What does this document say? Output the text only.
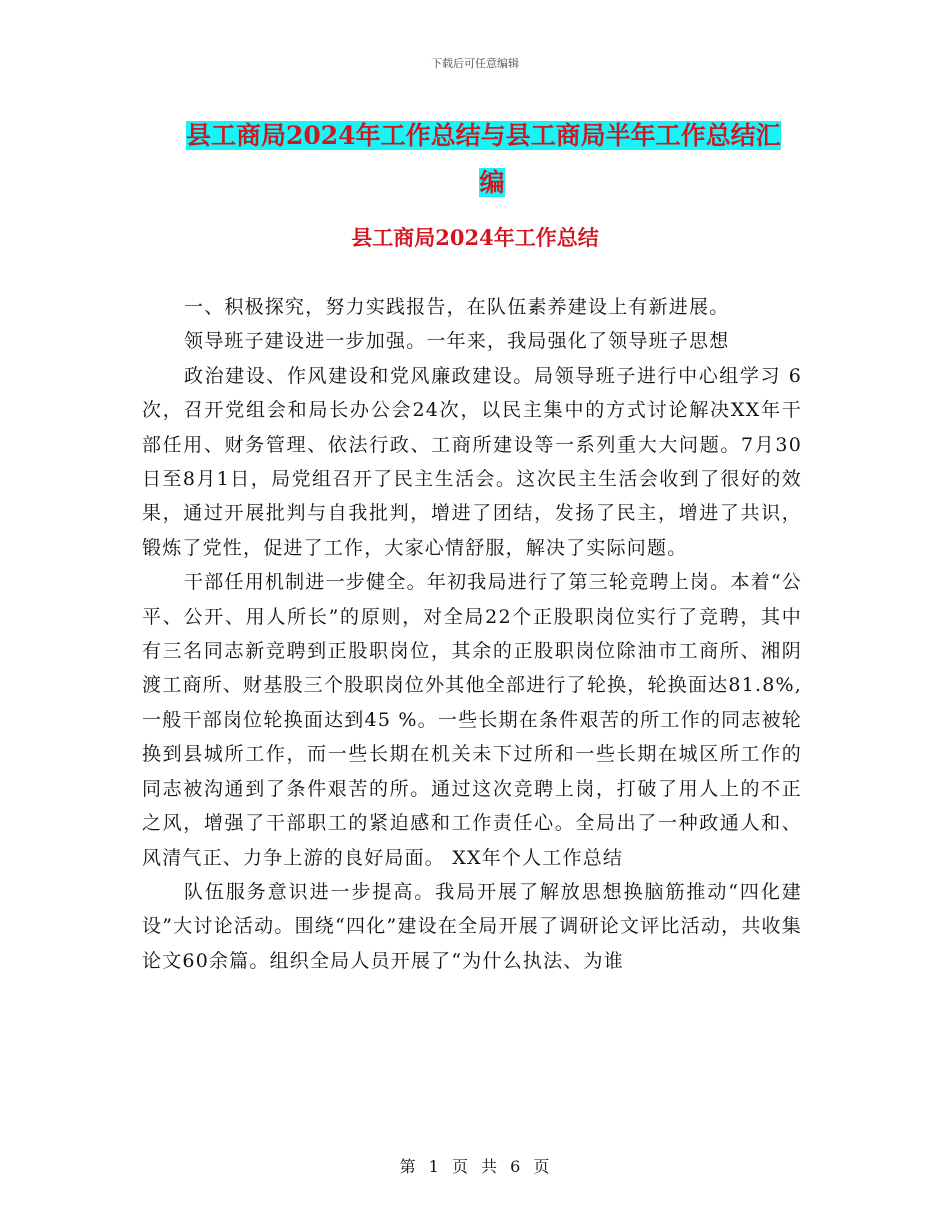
下载后可任意编辑
县工商局2024年工作总结与县工商局半年工作总结汇
编
县工商局2024年工作总结

一、积极探究，努力实践报告，在队伍素养建设上有新进展。

领导班子建设进一步加强。一年来，我局强化了领导班子思想

政治建设、作风建设和党风廉政建设。局领导班子进行中心组学习 6 次，召开党组会和局长办公会24次，以民主集中的方式讨论解决XX年干部任用、财务管理、依法行政、工商所建设等一系列重大大问题。7月30日至8月1日，局党组召开了民主生活会。这次民主生活会收到了很好的效果，通过开展批判与自我批判，增进了团结，发扬了民主，增进了共识，锻炼了党性，促进了工作，大家心情舒服，解决了实际问题。

干部任用机制进一步健全。年初我局进行了第三轮竞聘上岗。本着“公平、公开、用人所长”的原则，对全局22个正股职岗位实行了竞聘，其中有三名同志新竞聘到正股职岗位，其余的正股职岗位除油市工商所、湘阴渡工商所、财基股三个股职岗位外其他全部进行了轮换，轮换面达81.8%,一般干部岗位轮换面达到45 %。一些长期在条件艰苦的所工作的同志被轮换到县城所工作，而一些长期在机关未下过所和一些长期在城区所工作的同志被沟通到了条件艰苦的所。通过这次竞聘上岗，打破了用人上的不正之风，增强了干部职工的紧迫感和工作责任心。全局出了一种政通人和、风清气正、力争上游的良好局面。 XX年个人工作总结

队伍服务意识进一步提高。我局开展了解放思想换脑筋推动“四化建设”大讨论活动。围绕“四化”建设在全局开展了调研论文评比活动，共收集论文60余篇。组织全局人员开展了“为什么执法、为谁

第 1 页 共 6 页
